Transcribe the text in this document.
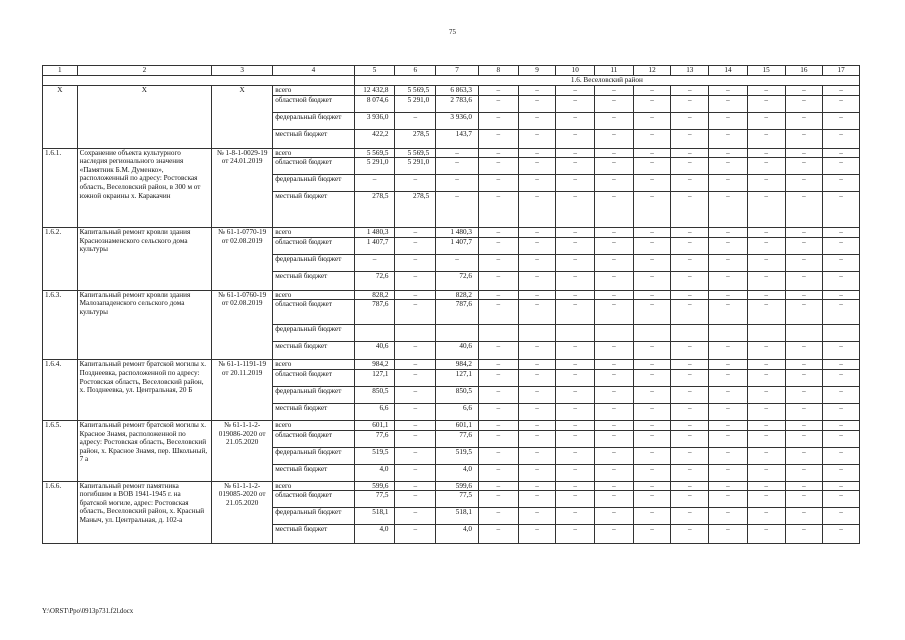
75
1	2	3	4	5	6	7	8	9	10	11	12	13	14	15	16	17
				1.6. Веселовский район												
Х	Х	Х	всего	12 432,8	5 569,5	6 863,3	–	–	–	–	–	–	–	–	–	–
			областной бюджет	8 074,6	5 291,0	2 783,6	–	–	–	–	–	–	–	–	–	–
			федеральный бюджет	3 936,0	–	3 936,0	–	–	–	–	–	–	–	–	–	–
			местный бюджет	422,2	278,5	143,7	–	–	–	–	–	–	–	–	–	–
1.6.1.	Сохранение объекта культурного наследия регионального значения «Памятник Б.М. Думенко», расположенный по адресу: Ростовская область, Веселовский район, в 300 м от южной окраины х. Каракачин	№ 1-8-1-0029-19 от 24.01.2019	всего	5 569,5	5 569,5	–	–	–	–	–	–	–	–	–	–	–
			областной бюджет	5 291,0	5 291,0	–	–	–	–	–	–	–	–	–	–	–
			федеральный бюджет	–	–	–	–	–	–	–	–	–	–	–	–	–
			местный бюджет	278,5	278,5	–	–	–	–	–	–	–	–	–	–	–
1.6.2.	Капитальный ремонт кровли здания Краснознаменского сельского дома культуры	№ 61-1-0770-19 от 02.08.2019	всего	1 480,3	–	1 480,3	–	–	–	–	–	–	–	–	–	–
			областной бюджет	1 407,7	–	1 407,7	–	–	–	–	–	–	–	–	–	–
			федеральный бюджет	–	–	–	–	–	–	–	–	–	–	–	–	–
			местный бюджет	72,6	–	72,6	–	–	–	–	–	–	–	–	–	–
1.6.3.	Капитальный ремонт кровли здания Малозападенского сельского дома культуры	№ 61-1-0760-19 от 02.08.2019	всего	828,2	–	828,2	–	–	–	–	–	–	–	–	–	–
			областной бюджет	787,6	–	787,6	–	–	–	–	–	–	–	–	–	–
			федеральный бюджет													
			местный бюджет	40,6	–	40,6	–	–	–	–	–	–	–	–	–	–
1.6.4.	Капитальный ремонт братской могилы х. Позднеевка, расположенной по адресу: Ростовская область, Веселовский район, х. Позднеевка, ул. Центральная, 20 Б	№ 61-1-1191-19 от 20.11.2019	всего	984,2	–	984,2	–	–	–	–	–	–	–	–	–	–
			областной бюджет	127,1	–	127,1	–	–	–	–	–	–	–	–	–	–
			федеральный бюджет	850,5	–	850,5	–	–	–	–	–	–	–	–	–	–
			местный бюджет	6,6	–	6,6	–	–	–	–	–	–	–	–	–	–
1.6.5.	Капитальный ремонт братской могилы х. Красное Знамя, расположенной по адресу: Ростовская область, Веселовский район, х. Красное Знамя, пер. Школьный, 7 а	№ 61-1-1-2-019086-2020 от 21.05.2020	всего	601,1	–	601,1	–	–	–	–	–	–	–	–	–	–
			областной бюджет	77,6	–	77,6	–	–	–	–	–	–	–	–	–	–
			федеральный бюджет	519,5	–	519,5	–	–	–	–	–	–	–	–	–	–
			местный бюджет	4,0	–	4,0	–	–	–	–	–	–	–	–	–	–
1.6.6.	Капитальный ремонт памятника погибшим в ВОВ 1941-1945 г. на братской могиле, адрес: Ростовская область, Веселовский район, х. Красный Маныч, ул. Центральная, д. 102-а	№ 61-1-1-2-019085-2020 от 21.05.2020	всего	599,6	–	599,6	–	–	–	–	–	–	–	–	–	–
			областной бюджет	77,5	–	77,5	–	–	–	–	–	–	–	–	–	–
			федеральный бюджет	518,1	–	518,1	–	–	–	–	–	–	–	–	–	–
			местный бюджет	4,0	–	4,0	–	–	–	–	–	–	–	–	–	–
Y:\ORST\Ppo\0913p731.f2l.docx
